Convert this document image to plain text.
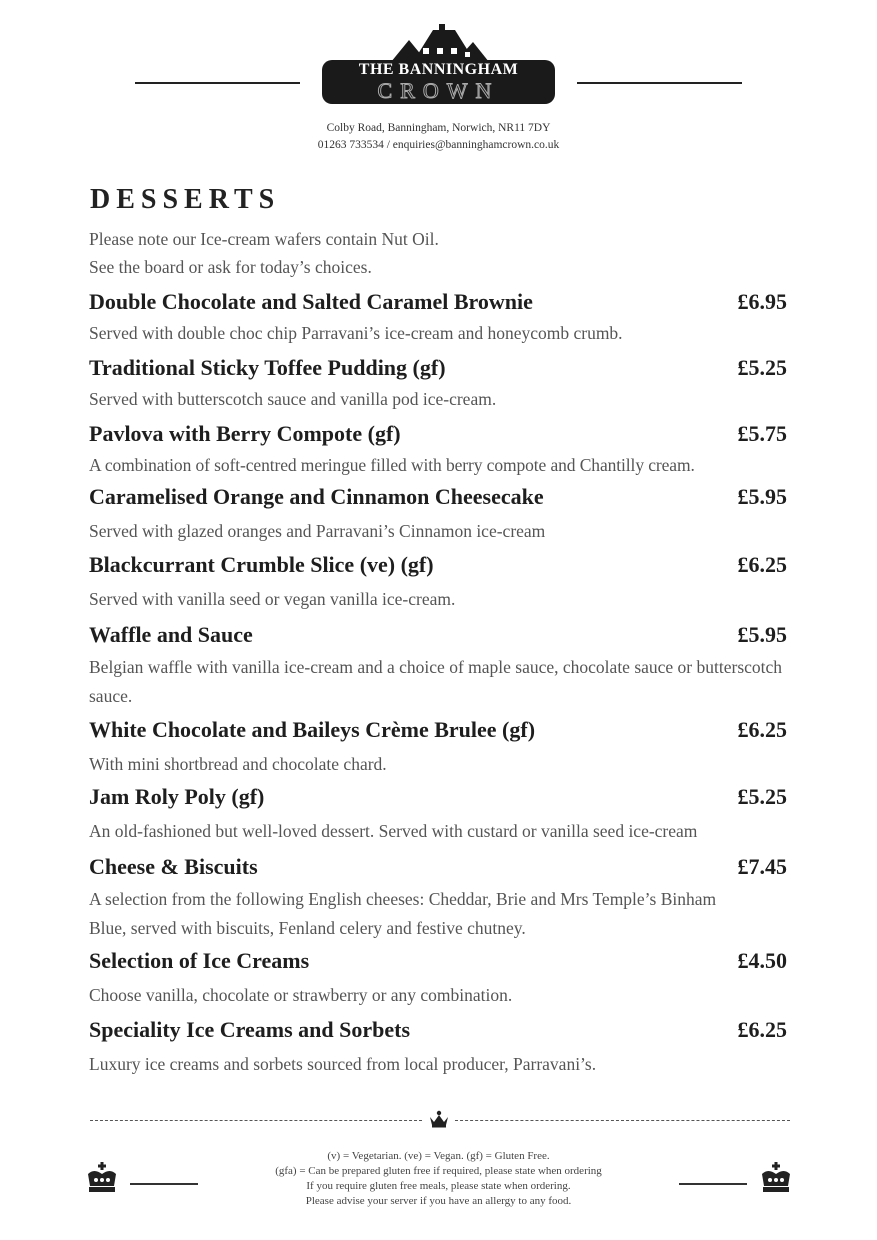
THE BANNINGHAM
CROWN
Colby Road, Banningham, Norwich, NR11 7DY
01263 733534 / enquiries@banninghamcrown.co.uk
DESSERTS
Please note our Ice-cream wafers contain Nut Oil.
See the board or ask for today’s choices.
Double Chocolate and Salted Caramel Brownie	£6.95
Served with double choc chip Parravani’s ice-cream and honeycomb crumb.
Traditional Sticky Toffee Pudding (gf)	£5.25
Served with butterscotch sauce and vanilla pod ice-cream.
Pavlova with Berry Compote (gf)	£5.75
A combination of soft-centred meringue filled with berry compote and Chantilly cream.
Caramelised Orange and Cinnamon Cheesecake	£5.95
Served with glazed oranges and Parravani’s Cinnamon ice-cream
Blackcurrant Crumble Slice (ve) (gf)	£6.25
Served with vanilla seed or vegan vanilla ice-cream.
Waffle and Sauce	£5.95
Belgian waffle with vanilla ice-cream and a choice of maple sauce, chocolate sauce or butterscotch sauce.
White Chocolate and Baileys Crème Brulee (gf)	£6.25
With mini shortbread and chocolate chard.
Jam Roly Poly (gf)	£5.25
An old-fashioned but well-loved dessert. Served with custard or vanilla seed ice-cream
Cheese & Biscuits	£7.45
A selection from the following English cheeses: Cheddar, Brie and Mrs Temple’s Binham Blue, served with biscuits, Fenland celery and festive chutney.
Selection of Ice Creams	£4.50
Choose vanilla, chocolate or strawberry or any combination.
Speciality Ice Creams and Sorbets	£6.25
Luxury ice creams and sorbets sourced from local producer, Parravani’s.
(v) = Vegetarian. (ve) = Vegan. (gf) = Gluten Free.
(gfa) = Can be prepared gluten free if required, please state when ordering
If you require gluten free meals, please state when ordering.
Please advise your server if you have an allergy to any food.
